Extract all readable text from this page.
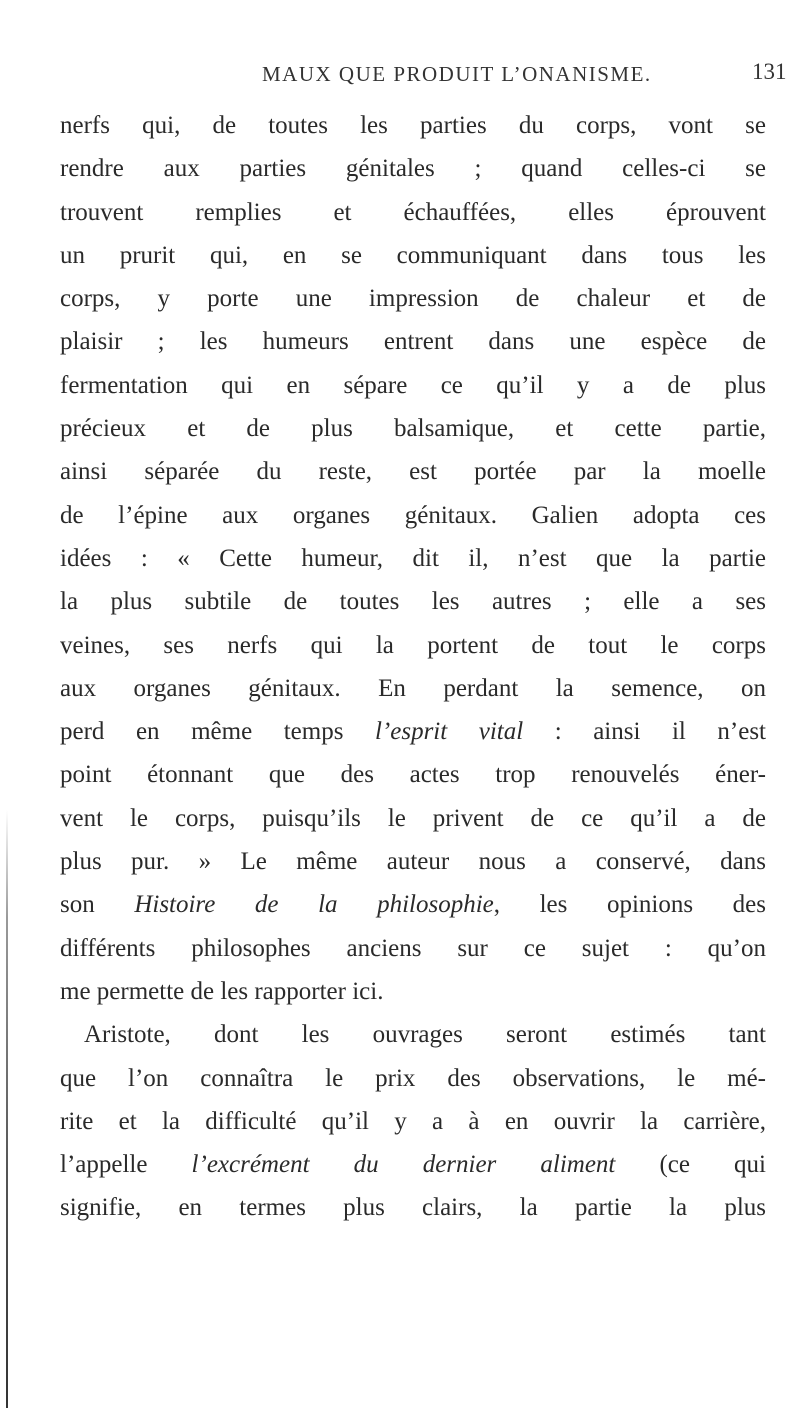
MAUX QUE PRODUIT L’ONANISME.	131
nerfs qui, de toutes les parties du corps, vont se
rendre aux parties génitales ; quand celles-ci se
trouvent remplies et échauffées, elles éprouvent
un prurit qui, en se communiquant dans tous les
corps, y porte une impression de chaleur et de
plaisir ; les humeurs entrent dans une espèce de
fermentation qui en sépare ce qu’il y a de plus
précieux et de plus balsamique, et cette partie,
ainsi séparée du reste, est portée par la moelle
de l’épine aux organes génitaux. Galien adopta ces
idées : « Cette humeur, dit il, n’est que la partie
la plus subtile de toutes les autres ; elle a ses
veines, ses nerfs qui la portent de tout le corps
aux organes génitaux. En perdant la semence, on
perd en même temps l’esprit vital : ainsi il n’est
point étonnant que des actes trop renouvelés éner-
vent le corps, puisqu’ils le privent de ce qu’il a de
plus pur. » Le même auteur nous a conservé, dans
son Histoire de la philosophie, les opinions des
différents philosophes anciens sur ce sujet : qu’on
me permette de les rapporter ici.
Aristote, dont les ouvrages seront estimés tant
que l’on connaîtra le prix des observations, le mé-
rite et la difficulté qu’il y a à en ouvrir la carrière,
l’appelle l’excrément du dernier aliment (ce qui
signifie, en termes plus clairs, la partie la plus
